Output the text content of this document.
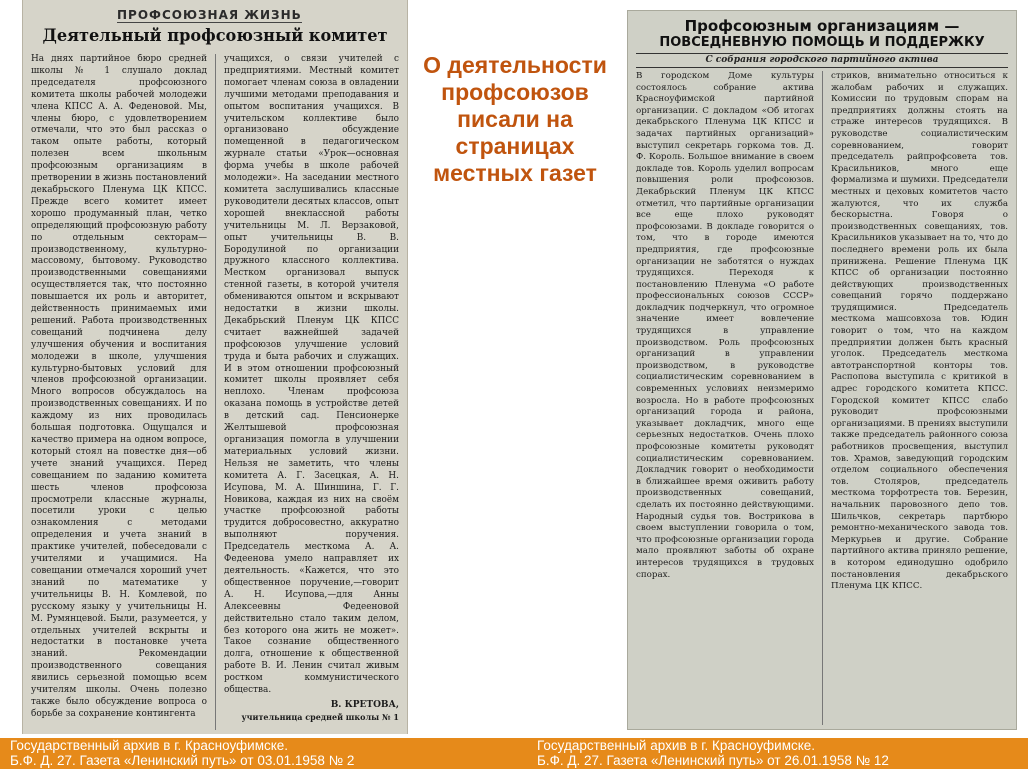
ПРОФСОЮЗНАЯ ЖИЗНЬ
Деятельный профсоюзный комитет
На днях партийное бюро средней школы № 1 слушало доклад председателя профсоюзного комитета школы рабочей молодежи члена КПСС А. А. Феденовой. Мы, члены бюро, с удовлетворением отмечали, что это был рассказ о таком опыте работы, который полезен всем школьным профсоюзным организациям в претворении в жизнь постановлений декабрьского Пленума ЦК КПСС. Прежде всего комитет имеет хорошо продуманный план, четко определяющий профсоюзную работу по отдельным секторам—производственному, культурно-массовому, бытовому. Руководство производственными совещаниями осуществляется так, что постоянно повышается их роль и авторитет, действенность принимаемых ими решений. Работа производственных совещаний подчинена делу улучшения обучения и воспитания молодежи в школе, улучшения культурно-бытовых условий для членов профсоюзной организации. Много вопросов обсуждалось на производственных совещаниях. И по каждому из них проводилась большая подготовка. Ощущался и качество примера на одном вопросе, который стоял на повестке дня—об учете знаний учащихся. Перед совещанием по заданию комитета шесть членов профсоюза просмотрели классные журналы, посетили уроки с целью ознакомления с методами определения и учета знаний в практике учителей, побеседовали с учителями и учащимися. На совещании отмечался хороший учет знаний по математике у учительницы В. Н. Комлевой, по русскому языку у учительницы Н. М. Румянцевой. Были, разумеется, у отдельных учителей вскрыты и недостатки в постановке учета знаний. Рекомендации производственного совещания явились серьезной помощью всем учителям школы. Очень полезно также было обсуждение вопроса о борьбе за сохранение контингента
учащихся, о связи учителей с предприятиями. Местный комитет помогает членам союза в овладении лучшими методами преподавания и опытом воспитания учащихся. В учительском коллективе было организовано обсуждение помещенной в педагогическом журнале статьи «Урок—основная форма учебы в школе рабочей молодежи». На заседании местного комитета заслушивались классные руководители десятых классов, опыт хорошей внеклассной работы учительницы М. Л. Верзаковой, опыт учительницы В. В. Бородулиной по организации дружного классного коллектива. Местком организовал выпуск стенной газеты, в которой учителя обмениваются опытом и вскрывают недостатки в жизни школы. Декабрьский Пленум ЦК КПСС считает важнейшей задачей профсоюзов улучшение условий труда и быта рабочих и служащих. И в этом отношении профсоюзный комитет школы проявляет себя неплохо. Членам профсоюза оказана помощь в устройстве детей в детский сад. Пенсионерке Желтышевой профсоюзная организация помогла в улучшении материальных условий жизни. Нельзя не заметить, что члены комитета А. Г. Засецкая, А. Н. Исупова, М. А. Шиншина, Г. Г. Новикова, каждая из них на своём участке профсоюзной работы трудится добросовестно, аккуратно выполняют поручения. Председатель месткома А. А. Федеенова умело направляет их деятельность. «Кажется, что это общественное поручение,—говорит А. Н. Исупова,—для Анны Алексеевны Федееновой действительно стало таким делом, без которого она жить не может». Такое сознание общественного долга, отношение к общественной работе В. И. Ленин считал живым ростком коммунистического общества.
В. КРЕТОВА,
учительница средней школы № 1
О деятельности профсоюзов писали на страницах местных газет
Профсоюзным организациям —
ПОВСЕДНЕВНУЮ ПОМОЩЬ И ПОДДЕРЖКУ
С собрания городского партийного актива
В городском Доме культуры состоялось собрание актива Красноуфимской партийной организации. С докладом «Об итогах декабрьского Пленума ЦК КПСС и задачах партийных организаций» выступил секретарь горкома тов. Д. Ф. Король. Большое внимание в своем докладе тов. Король уделил вопросам повышения роли профсоюзов. Декабрьский Пленум ЦК КПСС отметил, что партийные организации все еще плохо руководят профсоюзами. В докладе говорится о том, что в городе имеются предприятия, где профсоюзные организации не заботятся о нуждах трудящихся. Переходя к постановлению Пленума «О работе профессиональных союзов СССР» докладчик подчеркнул, что огромное значение имеет вовлечение трудящихся в управление производством. Роль профсоюзных организаций в управлении производством, в руководстве социалистическим соревнованием в современных условиях неизмеримо возросла. Но в работе профсоюзных организаций города и района, указывает докладчик, много еще серьезных недостатков. Очень плохо профсоюзные комитеты руководят социалистическим соревнованием. Докладчик говорит о необходимости в ближайшее время оживить работу производственных совещаний, сделать их постоянно действующими. Народный судья тов. Вострикова в своем выступлении говорила о том, что профсоюзные организации города мало проявляют заботы об охране интересов трудящихся в трудовых спорах.
стриков, внимательно относиться к жалобам рабочих и служащих. Комиссии по трудовым спорам на предприятиях должны стоять на страже интересов трудящихся. В руководстве социалистическим соревнованием, говорит председатель райпрофсовета тов. Красильников, много еще формализма и шумихи. Председатели местных и цеховых комитетов часто жалуются, что их служба бескорыстна. Говоря о производственных совещаниях, тов. Красильников указывает на то, что до последнего времени роль их была принижена. Решение Пленума ЦК КПСС об организации постоянно действующих производственных совещаний горячо поддержано трудящимися. Председатель месткома машсовхоза тов. Юдин говорит о том, что на каждом предприятии должен быть красный уголок. Председатель месткома автотранспортной конторы тов. Распопова выступила с критикой в адрес городского комитета КПСС. Городской комитет КПСС слабо руководит профсоюзными организациями. В прениях выступили также председатель районного союза работников просвещения, выступил тов. Храмов, заведующий городским отделом социального обеспечения тов. Столяров, председатель месткома торфотреста тов. Березин, начальник паровозного депо тов. Шильчков, секретарь партбюро ремонтно-механического завода тов. Меркурьев и другие. Собрание партийного актива приняло решение, в котором единодушно одобрило постановления декабрьского Пленума ЦК КПСС.
Государственный архив в г. Красноуфимске.
Б.Ф. Д. 27. Газета «Ленинский путь» от 03.01.1958 № 2
Государственный архив в г. Красноуфимске.
Б.Ф. Д. 27. Газета «Ленинский путь» от 26.01.1958 № 12
